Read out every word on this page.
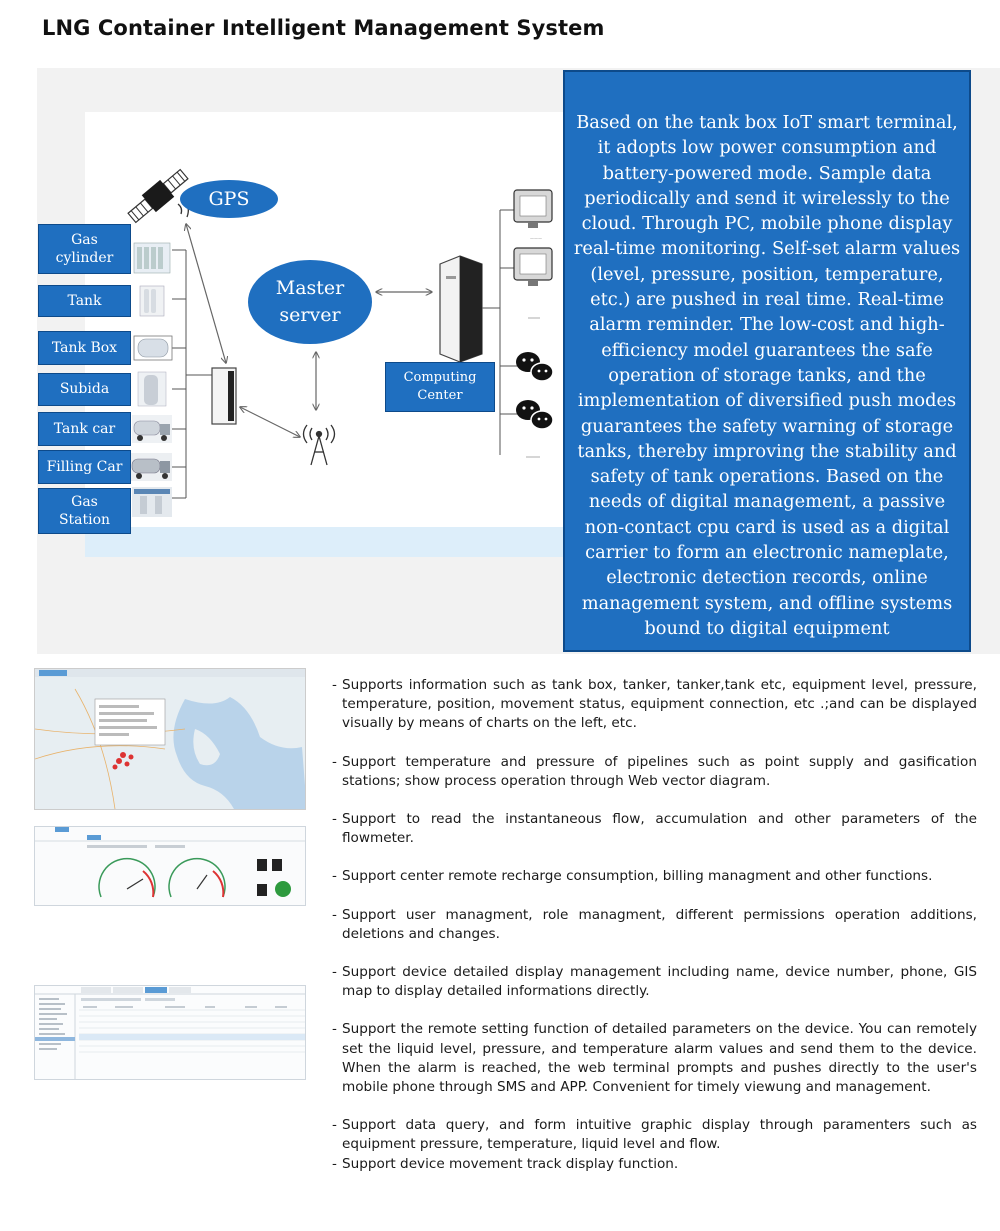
LNG Container Intelligent Management System
———
Gas
cylinder
Tank
Tank Box
Subida
Tank car
Filling Car
Gas
Station
GPS
Master
server
Computing
Center
Based on the tank box IoT smart terminal, it adopts low power consumption and battery-powered mode. Sample data periodically and send it wirelessly to the cloud. Through PC, mobile phone display real-time monitoring. Self-set alarm values (level, pressure, position, temperature, etc.) are pushed in real time. Real-time alarm reminder. The low-cost and high-efficiency model guarantees the safe operation of storage tanks, and the implementation of diversified push modes guarantees the safety warning of storage tanks, thereby improving the stability and safety of tank operations. Based on the needs of digital management, a passive non-contact cpu card is used as a digital carrier to form an electronic nameplate, electronic detection records, online management system, and offline systems bound to digital equipment
- Supports information such as tank box, tanker, tanker,tank etc, equipment level, pressure, temperature, position, movement status, equipment connection, etc .;and can be displayed visually by means of charts on the left, etc.
- Support temperature and pressure of pipelines such as point supply and gasification stations; show process operation through Web vector diagram.
- Support to read the instantaneous flow, accumulation and other parameters of the flowmeter.
- Support center remote recharge consumption, billing managment and other functions.
- Support user managment, role managment, different permissions operation additions, deletions and changes.
- Support device detailed display management including name, device number, phone, GIS map to display detailed informations directly.
- Support the remote setting function of detailed parameters on the device. You can remotely set the liquid level, pressure, and temperature alarm values and send them to the device. When the alarm is reached, the web terminal prompts and pushes directly to the user's mobile phone through SMS and APP. Convenient for timely viewung and management.
- Support data query, and form intuitive graphic display through paramenters such as equipment pressure, temperature, liquid level and flow.
- Support device movement track display function.
